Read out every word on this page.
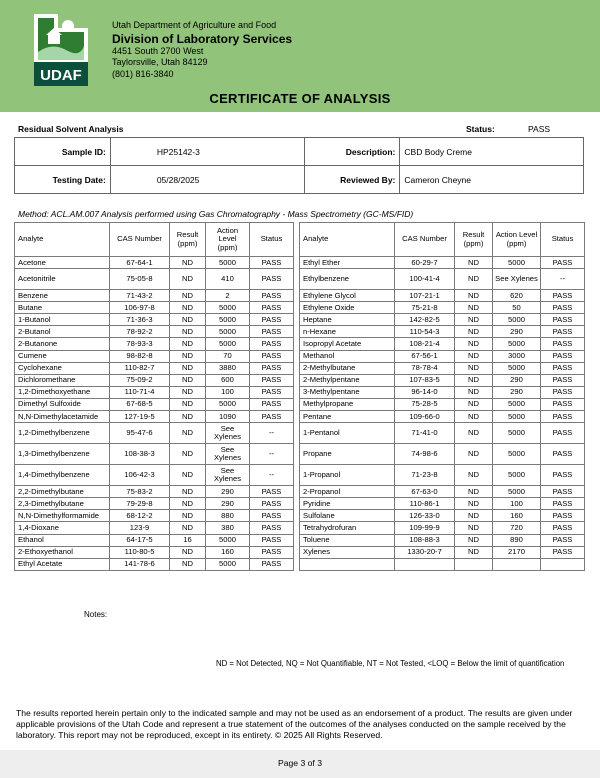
UDAF
Utah Department of Agriculture and Food
Division of Laboratory Services
4451 South 2700 West
Taylorsville, Utah 84129
(801) 816-3840
CERTIFICATE OF ANALYSIS
Residual Solvent Analysis	Status:	PASS
Sample ID:	HP25142-3	Description:	CBD Body Creme
Testing Date:	05/28/2025	Reviewed By:	Cameron Cheyne
Method: ACL.AM.007 Analysis performed using Gas Chromatography - Mass Spectrometry (GC-MS/FID)
Analyte	CAS Number	Result (ppm)	Action Level (ppm)	Status		Analyte	CAS Number	Result (ppm)	Action Level (ppm)	Status
Acetone	67-64-1	ND	5000	PASS		Ethyl Ether	60-29-7	ND	5000	PASS
Acetonitrile	75-05-8	ND	410	PASS		Ethylbenzene	100-41-4	ND	See Xylenes	--
Benzene	71-43-2	ND	2	PASS		Ethylene Glycol	107-21-1	ND	620	PASS
Butane	106-97-8	ND	5000	PASS		Ethylene Oxide	75-21-8	ND	50	PASS
1-Butanol	71-36-3	ND	5000	PASS		Heptane	142-82-5	ND	5000	PASS
2-Butanol	78-92-2	ND	5000	PASS		n-Hexane	110-54-3	ND	290	PASS
2-Butanone	78-93-3	ND	5000	PASS		Isopropyl Acetate	108-21-4	ND	5000	PASS
Cumene	98-82-8	ND	70	PASS		Methanol	67-56-1	ND	3000	PASS
Cyclohexane	110-82-7	ND	3880	PASS		2-Methylbutane	78-78-4	ND	5000	PASS
Dichloromethane	75-09-2	ND	600	PASS		2-Methylpentane	107-83-5	ND	290	PASS
1,2-Dimethoxyethane	110-71-4	ND	100	PASS		3-Methylpentane	96-14-0	ND	290	PASS
Dimethyl Sulfoxide	67-68-5	ND	5000	PASS		Methylpropane	75-28-5	ND	5000	PASS
N,N-Dimethylacetamide	127-19-5	ND	1090	PASS		Pentane	109-66-0	ND	5000	PASS
1,2-Dimethylbenzene	95-47-6	ND	See Xylenes	--		1-Pentanol	71-41-0	ND	5000	PASS
1,3-Dimethylbenzene	108-38-3	ND	See Xylenes	--		Propane	74-98-6	ND	5000	PASS
1,4-Dimethylbenzene	106-42-3	ND	See Xylenes	--		1-Propanol	71-23-8	ND	5000	PASS
2,2-Dimethylbutane	75-83-2	ND	290	PASS		2-Propanol	67-63-0	ND	5000	PASS
2,3-Dimethylbutane	79-29-8	ND	290	PASS		Pyridine	110-86-1	ND	100	PASS
N,N-Dimethylformamide	68-12-2	ND	880	PASS		Sulfolane	126-33-0	ND	160	PASS
1,4-Dioxane	123-9	ND	380	PASS		Tetrahydrofuran	109-99-9	ND	720	PASS
Ethanol	64-17-5	16	5000	PASS		Toluene	108-88-3	ND	890	PASS
2-Ethoxyethanol	110-80-5	ND	160	PASS		Xylenes	1330-20-7	ND	2170	PASS
Ethyl Acetate	141-78-6	ND	5000	PASS						
Notes:
ND = Not Detected, NQ = Not Quantifiable, NT = Not Tested, <LOQ = Below the limit of quantification
The results reported herein pertain only to the indicated sample and may not be used as an endorsement of a product. The results are given under applicable provisions of the Utah Code and represent a true statement of the outcomes of the analyses conducted on the sample received by the laboratory. This report may not be reproduced, except in its entirety. © 2025 All Rights Reserved.
Page 3 of 3
